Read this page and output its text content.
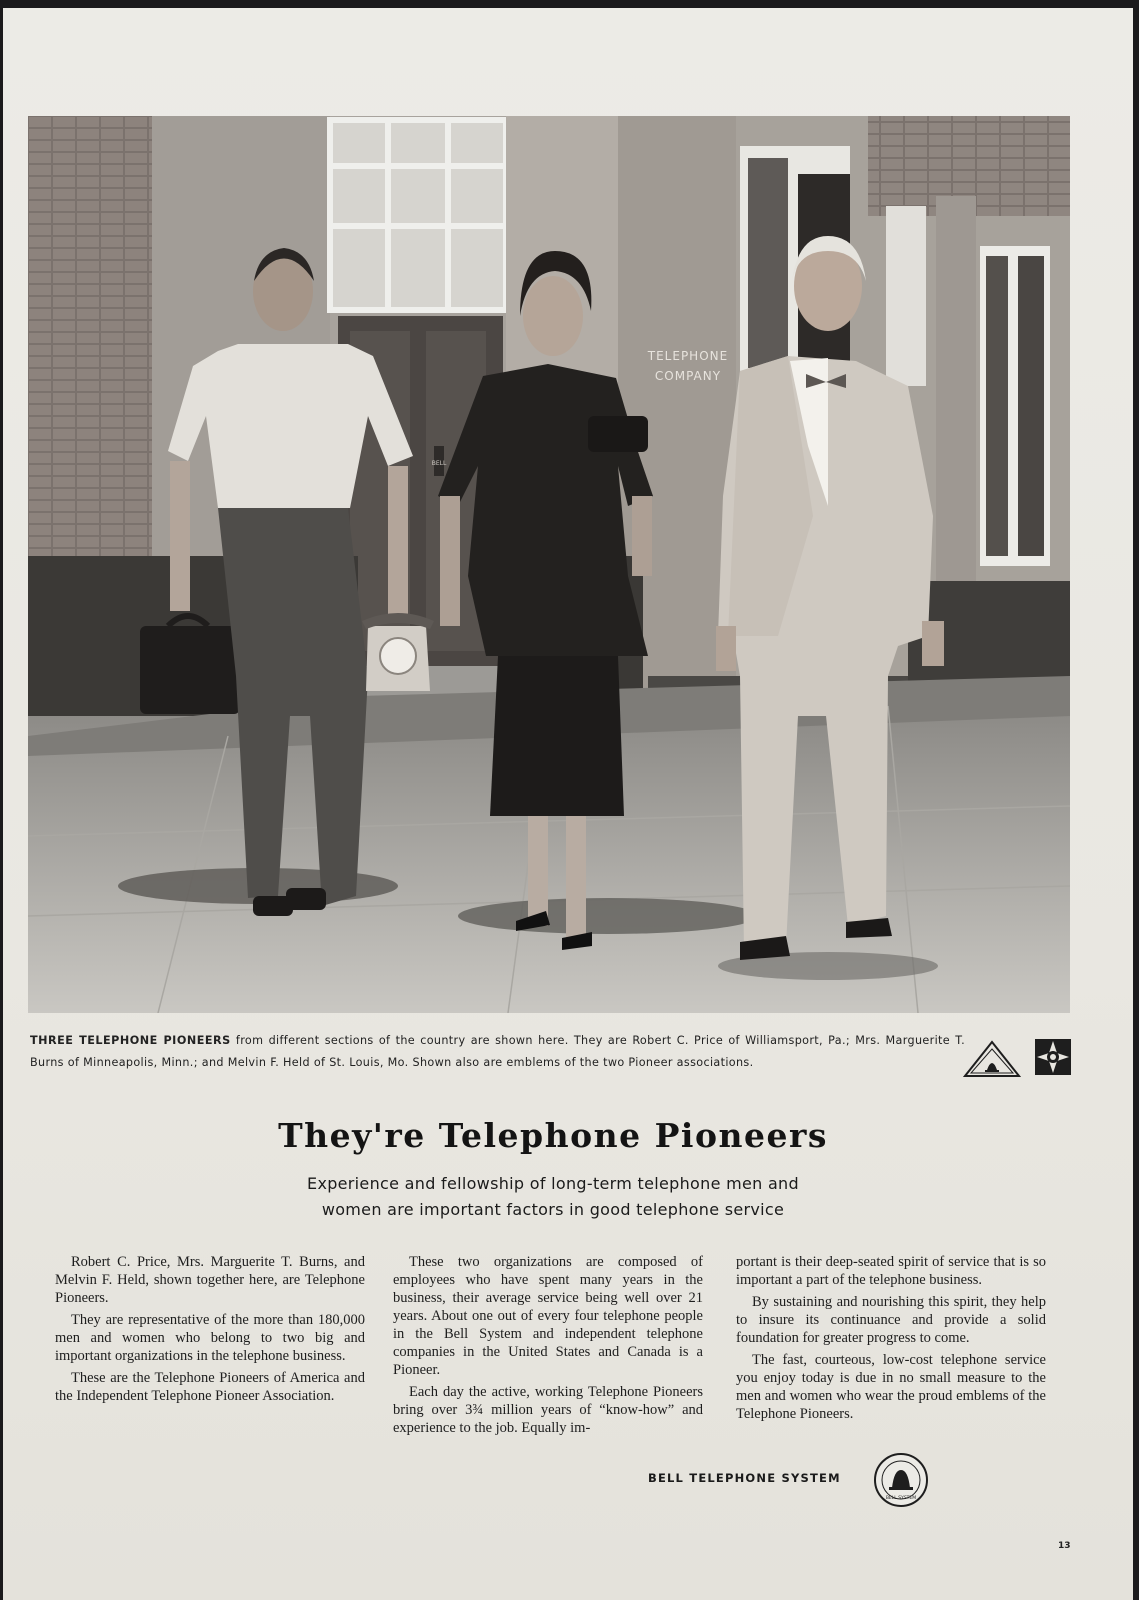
BELL
TELEPHONE
COMPANY
THREE TELEPHONE PIONEERS from different sections of the country are shown here. They are Robert C. Price of Williamsport, Pa.; Mrs. Marguerite T. Burns of Minneapolis, Minn.; and Melvin F. Held of St. Louis, Mo. Shown also are emblems of the two Pioneer associations.
They're Telephone Pioneers
Experience and fellowship of long-term telephone men and
women are important factors in good telephone service

Robert C. Price, Mrs. Marguerite T. Burns, and Melvin F. Held, shown together here, are Telephone Pioneers.

They are representative of the more than 180,000 men and women who belong to two big and important organizations in the telephone business.

These are the Telephone Pioneers of America and the Independent Telephone Pioneer Association.

These two organizations are composed of employees who have spent many years in the business, their average service being well over 21 years. About one out of every four telephone people in the Bell System and independent telephone companies in the United States and Canada is a Pioneer.

Each day the active, working Telephone Pioneers bring over 3¾ million years of “know-how” and experience to the job. Equally im-

portant is their deep-seated spirit of service that is so important a part of the telephone business.

By sustaining and nourishing this spirit, they help to insure its continuance and provide a solid foundation for greater progress to come.

The fast, courteous, low-cost telephone service you enjoy today is due in no small measure to the men and women who wear the proud emblems of the Telephone Pioneers.

BELL TELEPHONE SYSTEM
BELL SYSTEM
13
